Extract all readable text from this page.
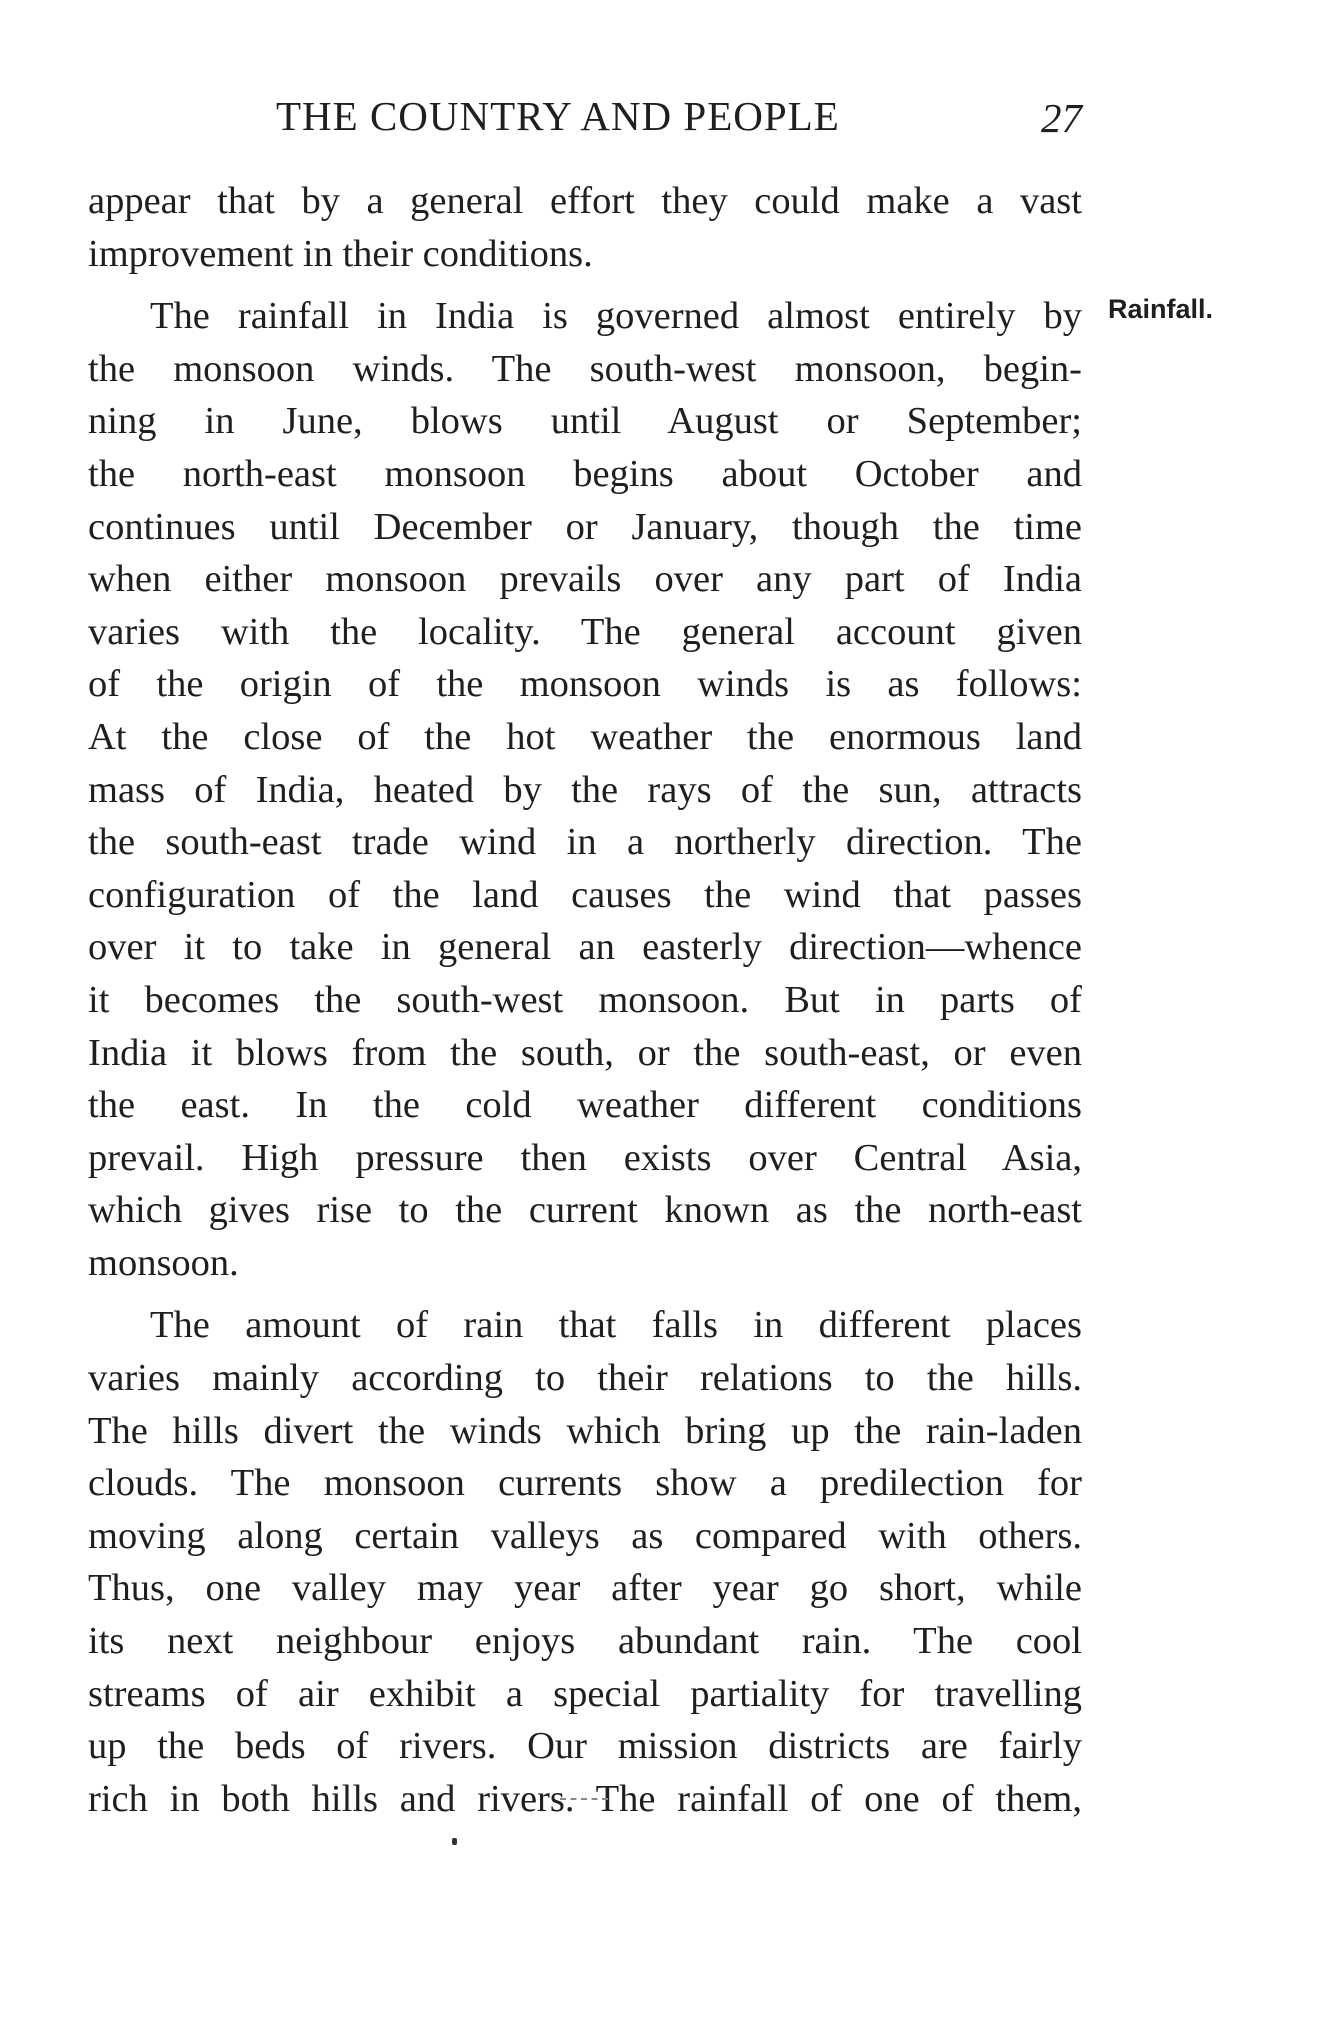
THE COUNTRY AND PEOPLE	27
Rainfall.

appear that by a general effort they could make a vast
improvement in their conditions.

The rainfall in India is governed almost entirely by
the monsoon winds. The south-west monsoon, begin-
ning in June, blows until August or September;
the north-east monsoon begins about October and
continues until December or January, though the time
when either monsoon prevails over any part of India
varies with the locality. The general account given
of the origin of the monsoon winds is as follows:
At the close of the hot weather the enormous land
mass of India, heated by the rays of the sun, attracts
the south-east trade wind in a northerly direction. The
configuration of the land causes the wind that passes
over it to take in general an easterly direction—whence
it becomes the south-west monsoon. But in parts of
India it blows from the south, or the south-east, or even
the east. In the cold weather different conditions
prevail. High pressure then exists over Central Asia,
which gives rise to the current known as the north-east
monsoon.

The amount of rain that falls in different places
varies mainly according to their relations to the hills.
The hills divert the winds which bring up the rain-laden
clouds. The monsoon currents show a predilection for
moving along certain valleys as compared with others.
Thus, one valley may year after year go short, while
its next neighbour enjoys abundant rain. The cool
streams of air exhibit a special partiality for travelling
up the beds of rivers. Our mission districts are fairly
rich in both hills and rivers. The rainfall of one of them,
